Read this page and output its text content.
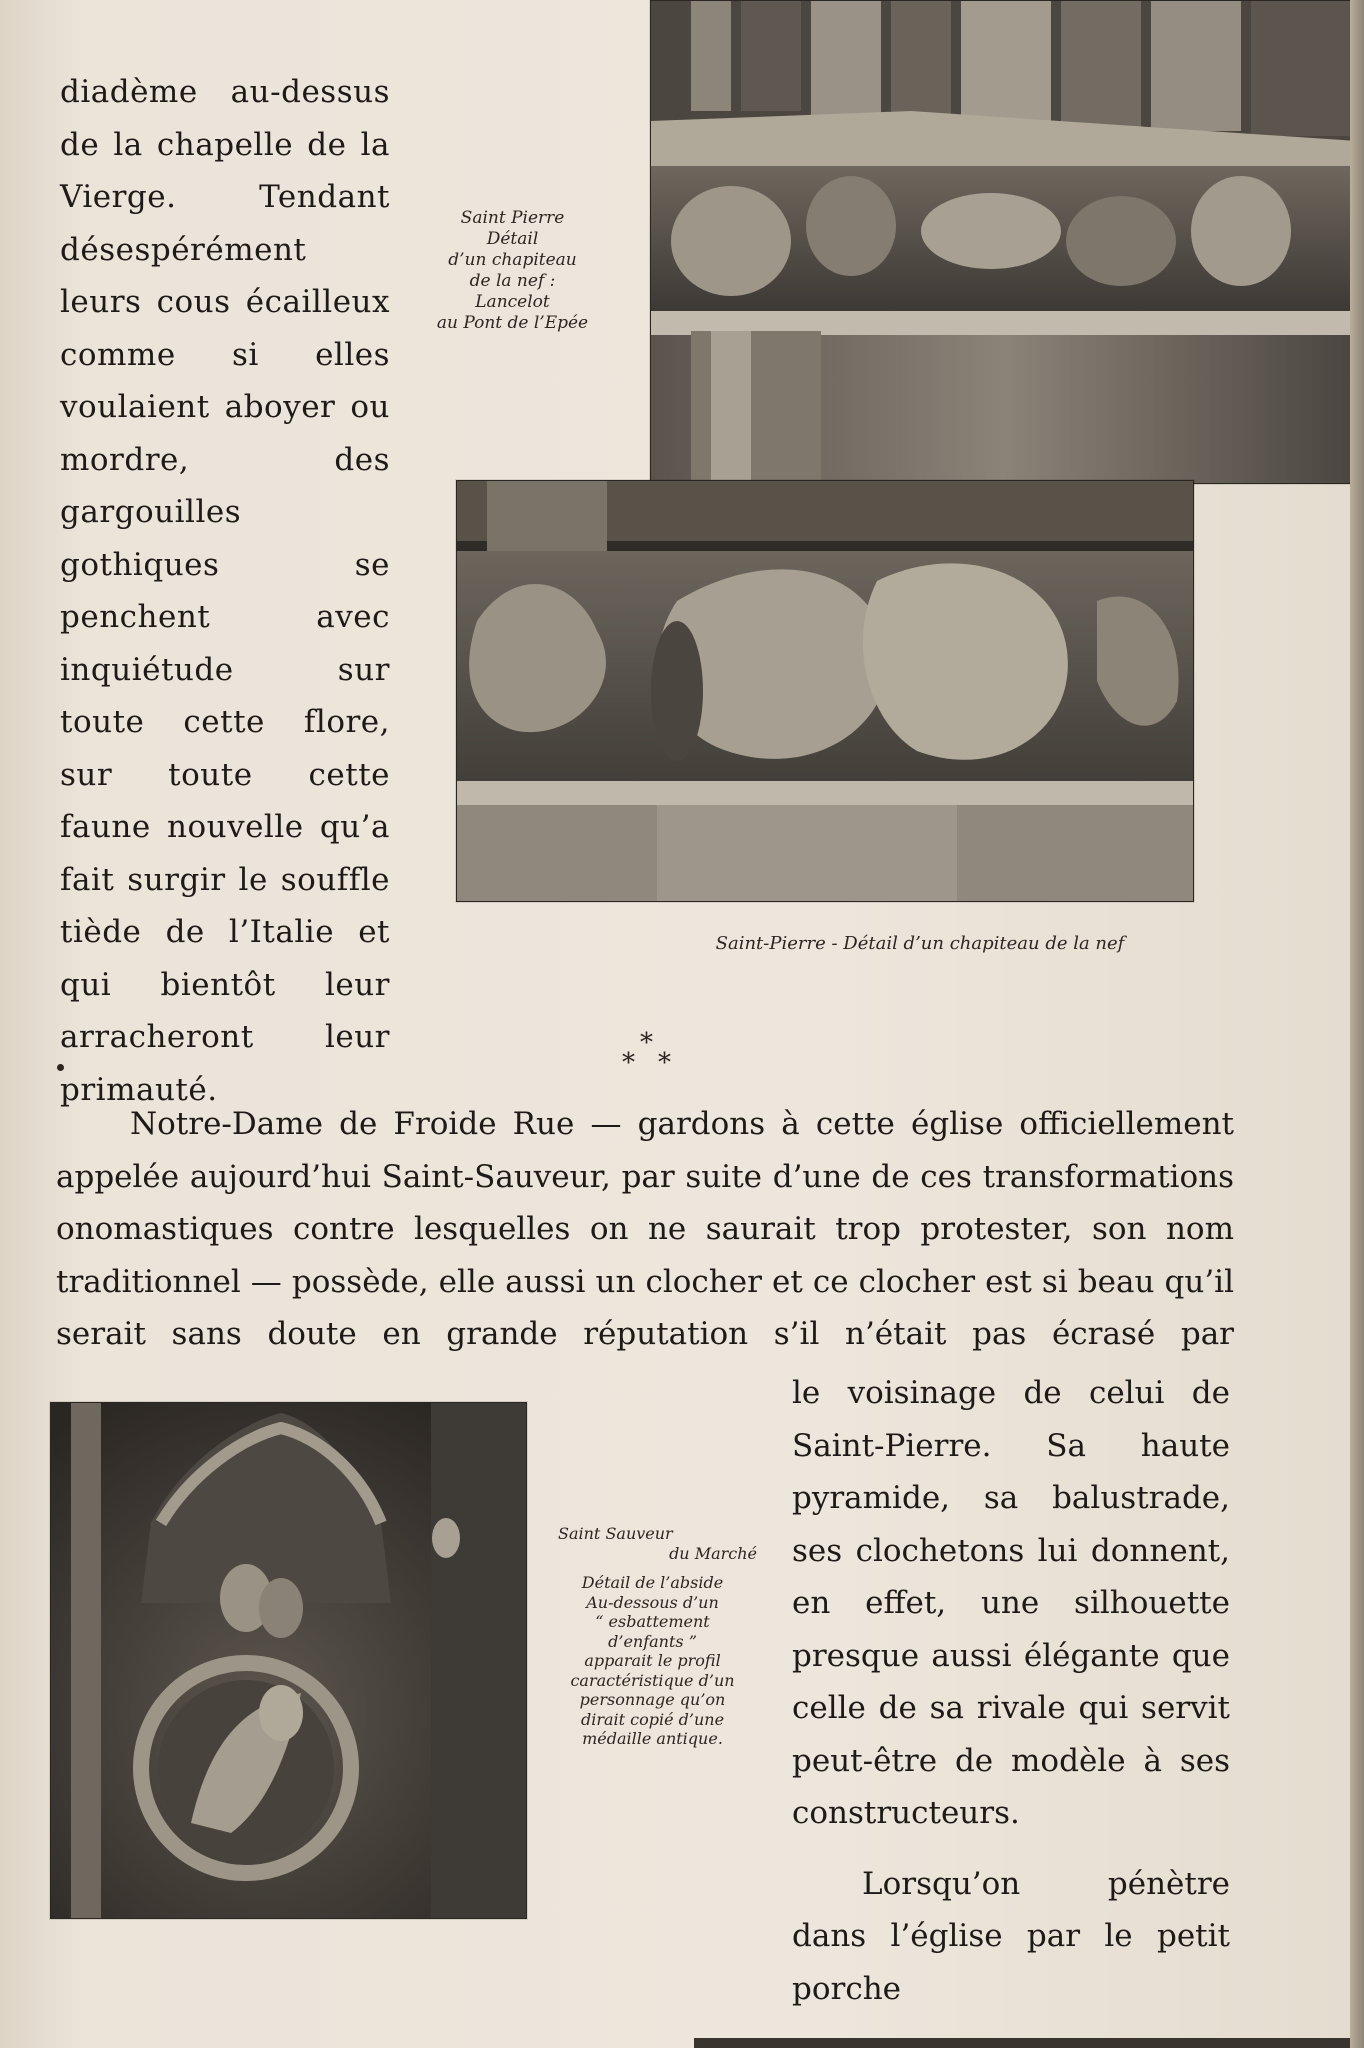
diadème au-dessus de la chapelle de la Vierge. Tendant désespérément leurs cous écailleux comme si elles voulaient aboyer ou mordre, des gargouilles gothiques se penchent avec inquiétude sur toute cette flore, sur toute cette faune nouvelle qu’a fait surgir le souffle tiède de l’Italie et qui bientôt leur arracheront leur primauté.

Saint Pierre
Détail
d’un chapiteau
de la nef :
Lancelot
au Pont de l’Epée
Saint-Pierre - Détail d’un chapiteau de la nef
*
* *

Notre-Dame de Froide Rue — gardons à cette église officiellement appelée aujourd’hui Saint-Sauveur, par suite d’une de ces transformations onomastiques contre lesquelles on ne saurait trop protester, son nom traditionnel — possède, elle aussi un clocher et ce clocher est si beau qu’il serait sans doute en grande réputation s’il n’était pas écrasé par

Saint Sauveur
du Marché
Détail de l’abside
Au-dessous d’un
“ esbattement
d’enfants ”
apparait le profil
caractéristique d’un
personnage qu’on
dirait copié d’une
médaille antique.

le voisinage de celui de Saint-Pierre. Sa haute pyramide, sa balustrade, ses clochetons lui donnent, en effet, une silhouette presque aussi élégante que celle de sa rivale qui servit peut-être de modèle à ses constructeurs.

Lorsqu’on pénètre dans l’église par le petit porche
